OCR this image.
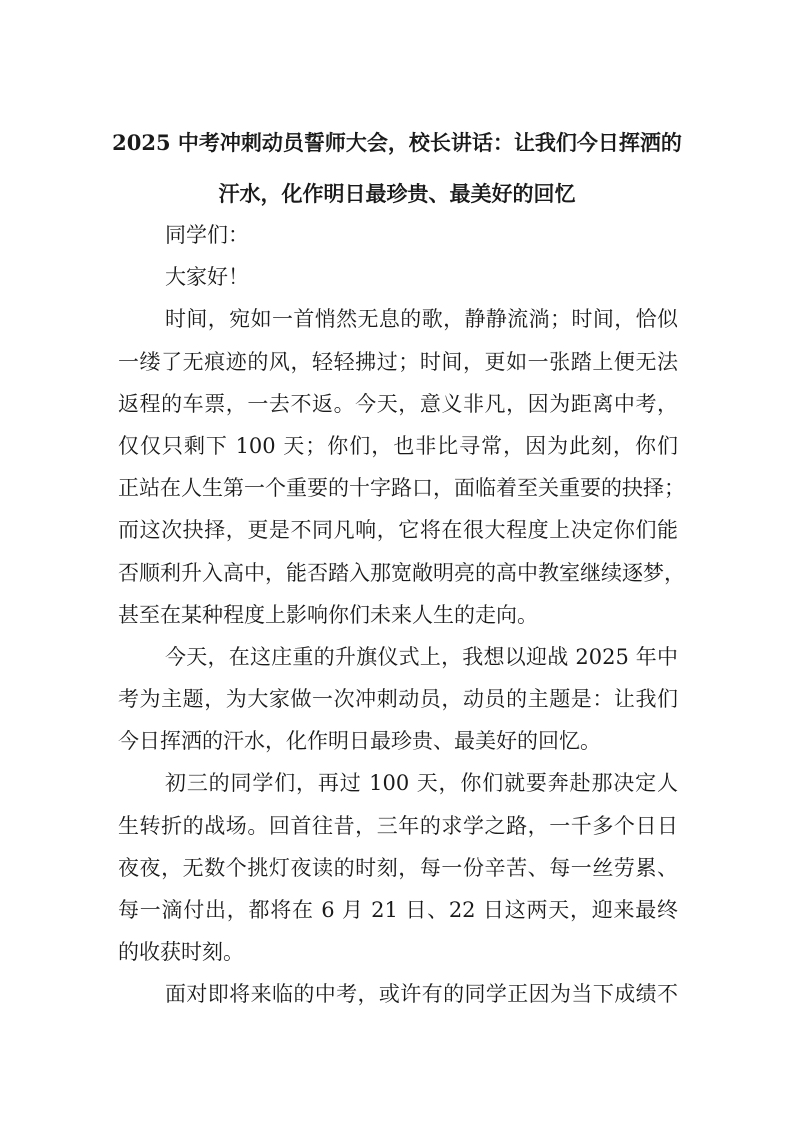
2025 中考冲刺动员誓师大会，校长讲话：让我们今日挥洒的
汗水，化作明日最珍贵、最美好的回忆
同学们：
大家好！
时间，宛如一首悄然无息的歌，静静流淌；时间，恰似
一缕了无痕迹的风，轻轻拂过；时间，更如一张踏上便无法
返程的车票，一去不返。今天，意义非凡，因为距离中考，
仅仅只剩下 100 天；你们，也非比寻常，因为此刻，你们
正站在人生第一个重要的十字路口，面临着至关重要的抉择；
而这次抉择，更是不同凡响，它将在很大程度上决定你们能
否顺利升入高中，能否踏入那宽敞明亮的高中教室继续逐梦，
甚至在某种程度上影响你们未来人生的走向。
今天，在这庄重的升旗仪式上，我想以迎战 2025 年中
考为主题，为大家做一次冲刺动员，动员的主题是：让我们
今日挥洒的汗水，化作明日最珍贵、最美好的回忆。
初三的同学们，再过 100 天，你们就要奔赴那决定人
生转折的战场。回首往昔，三年的求学之路，一千多个日日
夜夜，无数个挑灯夜读的时刻，每一份辛苦、每一丝劳累、
每一滴付出，都将在 6 月 21 日、22 日这两天，迎来最终
的收获时刻。
面对即将来临的中考，或许有的同学正因为当下成绩不
